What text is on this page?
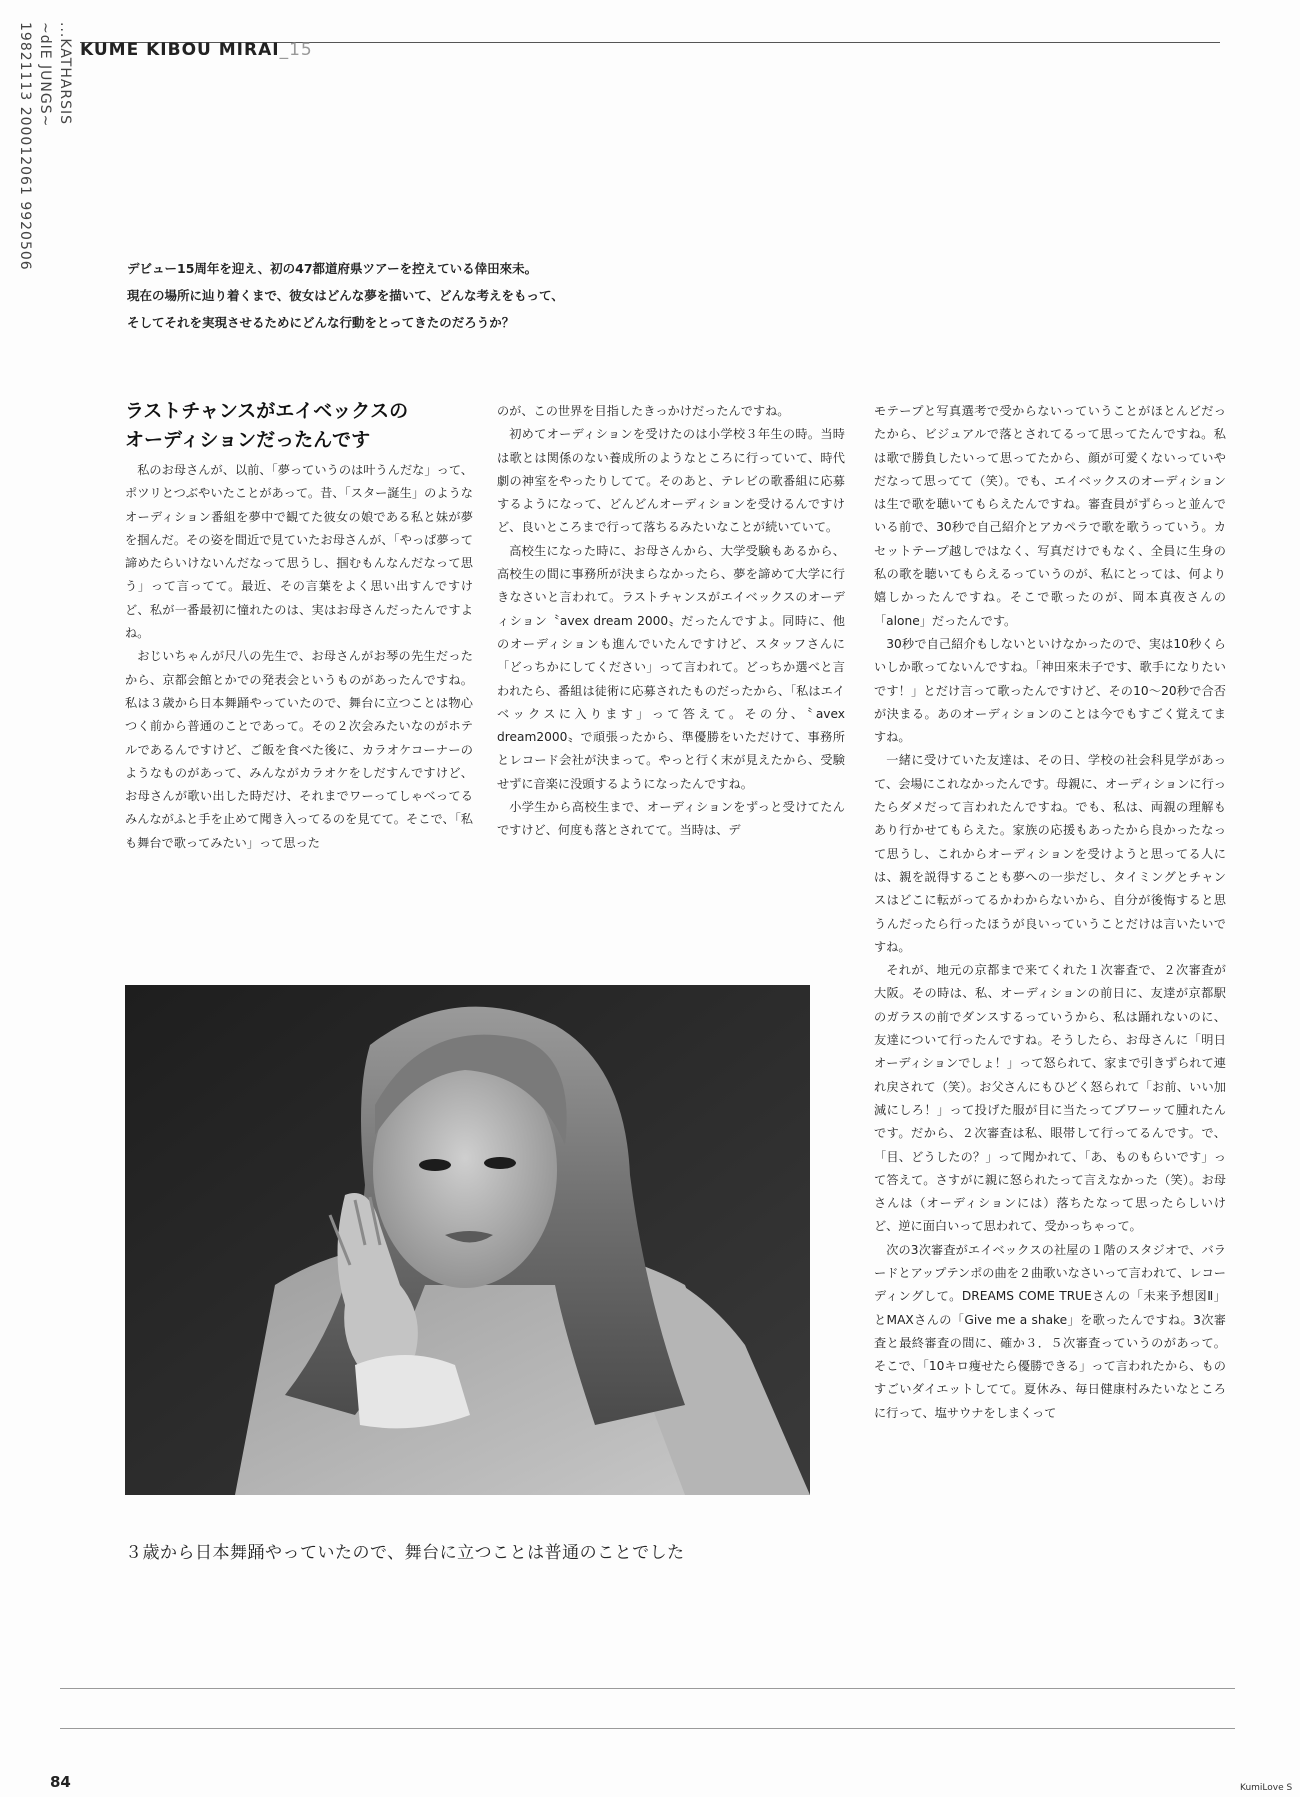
...KATHARSIS
~dIE JUNGS~
19821113 200012061 9920506	KUME KIBOU MIRAI_15
デビュー15周年を迎え、初の47都道府県ツアーを控えている倖田來未。
現在の場所に辿り着くまで、彼女はどんな夢を描いて、どんな考えをもって、
そしてそれを実現させるためにどんな行動をとってきたのだろうか？
ラストチャンスがエイベックスの
オーディションだったんです

私のお母さんが、以前、「夢っていうのは叶うんだな」って、ポツリとつぶやいたことがあって。昔、「スター誕生」のようなオーディション番組を夢中で観てた彼女の娘である私と妹が夢を掴んだ。その姿を間近で見ていたお母さんが、「やっぱ夢って諦めたらいけないんだなって思うし、掴むもんなんだなって思う」って言ってて。最近、その言葉をよく思い出すんですけど、私が一番最初に憧れたのは、実はお母さんだったんですよね。

おじいちゃんが尺八の先生で、お母さんがお琴の先生だったから、京都会館とかでの発表会というものがあったんですね。私は３歳から日本舞踊やっていたので、舞台に立つことは物心つく前から普通のことであって。その２次会みたいなのがホテルであるんですけど、ご飯を食べた後に、カラオケコーナーのようなものがあって、みんながカラオケをしだすんですけど、お母さんが歌い出した時だけ、それまでワーってしゃべってるみんながふと手を止めて聞き入ってるのを見てて。そこで、「私も舞台で歌ってみたい」って思った

のが、この世界を目指したきっかけだったんですね。

初めてオーディションを受けたのは小学校３年生の時。当時は歌とは関係のない養成所のようなところに行っていて、時代劇の神室をやったりしてて。そのあと、テレビの歌番組に応募するようになって、どんどんオーディションを受けるんですけど、良いところまで行って落ちるみたいなことが続いていて。

高校生になった時に、お母さんから、大学受験もあるから、高校生の間に事務所が決まらなかったら、夢を諦めて大学に行きなさいと言われて。ラストチャンスがエイベックスのオーディション〝avex dream 2000〟だったんですよ。同時に、他のオーディションも進んでいたんですけど、スタッフさんに「どっちかにしてください」って言われて。どっちか選べと言われたら、番組は徒術に応募されたものだったから、「私はエイベックスに入ります」って答えて。その分、〝avex dream2000〟で頑張ったから、準優勝をいただけて、事務所とレコード会社が決まって。やっと行く末が見えたから、受験せずに音楽に没頭するようになったんですね。

小学生から高校生まで、オーディションをずっと受けてたんですけど、何度も落とされてて。当時は、デ

モテープと写真選考で受からないっていうことがほとんどだったから、ビジュアルで落とされてるって思ってたんですね。私は歌で勝負したいって思ってたから、顔が可愛くないっていやだなって思ってて（笑）。でも、エイベックスのオーディションは生で歌を聴いてもらえたんですね。審査員がずらっと並んでいる前で、30秒で自己紹介とアカペラで歌を歌うっていう。カセットテープ越しではなく、写真だけでもなく、全員に生身の私の歌を聴いてもらえるっていうのが、私にとっては、何より嬉しかったんですね。そこで歌ったのが、岡本真夜さんの「alone」だったんです。

30秒で自己紹介もしないといけなかったので、実は10秒くらいしか歌ってないんですね。「神田來未子です、歌手になりたいです！」とだけ言って歌ったんですけど、その10〜20秒で合否が決まる。あのオーディションのことは今でもすごく覚えてますね。

一緒に受けていた友達は、その日、学校の社会科見学があって、会場にこれなかったんです。母親に、オーディションに行ったらダメだって言われたんですね。でも、私は、両親の理解もあり行かせてもらえた。家族の応援もあったから良かったなって思うし、これからオーディションを受けようと思ってる人には、親を説得することも夢への一歩だし、タイミングとチャンスはどこに転がってるかわからないから、自分が後悔すると思うんだったら行ったほうが良いっていうことだけは言いたいですね。

それが、地元の京都まで来てくれた１次審査で、２次審査が大阪。その時は、私、オーディションの前日に、友達が京都駅のガラスの前でダンスするっていうから、私は踊れないのに、友達について行ったんですね。そうしたら、お母さんに「明日オーディションでしょ！」って怒られて、家まで引きずられて連れ戻されて（笑）。お父さんにもひどく怒られて「お前、いい加減にしろ！」って投げた服が目に当たってブワーッて腫れたんです。だから、２次審査は私、眼帯して行ってるんです。で、「目、どうしたの？」って聞かれて、「あ、ものもらいです」って答えて。さすがに親に怒られたって言えなかった（笑）。お母さんは（オーディションには）落ちたなって思ったらしいけど、逆に面白いって思われて、受かっちゃって。

次の3次審査がエイベックスの社屋の１階のスタジオで、バラードとアップテンポの曲を２曲歌いなさいって言われて、レコーディングして。DREAMS COME TRUEさんの「未来予想図Ⅱ」とMAXさんの「Give me a shake」を歌ったんですね。3次審査と最終審査の間に、確か３．５次審査っていうのがあって。そこで、「10キロ痩せたら優勝できる」って言われたから、ものすごいダイエットしてて。夏休み、毎日健康村みたいなところに行って、塩サウナをしまくって

３歳から日本舞踊やっていたので、舞台に立つことは普通のことでした
84	KumiLove S
